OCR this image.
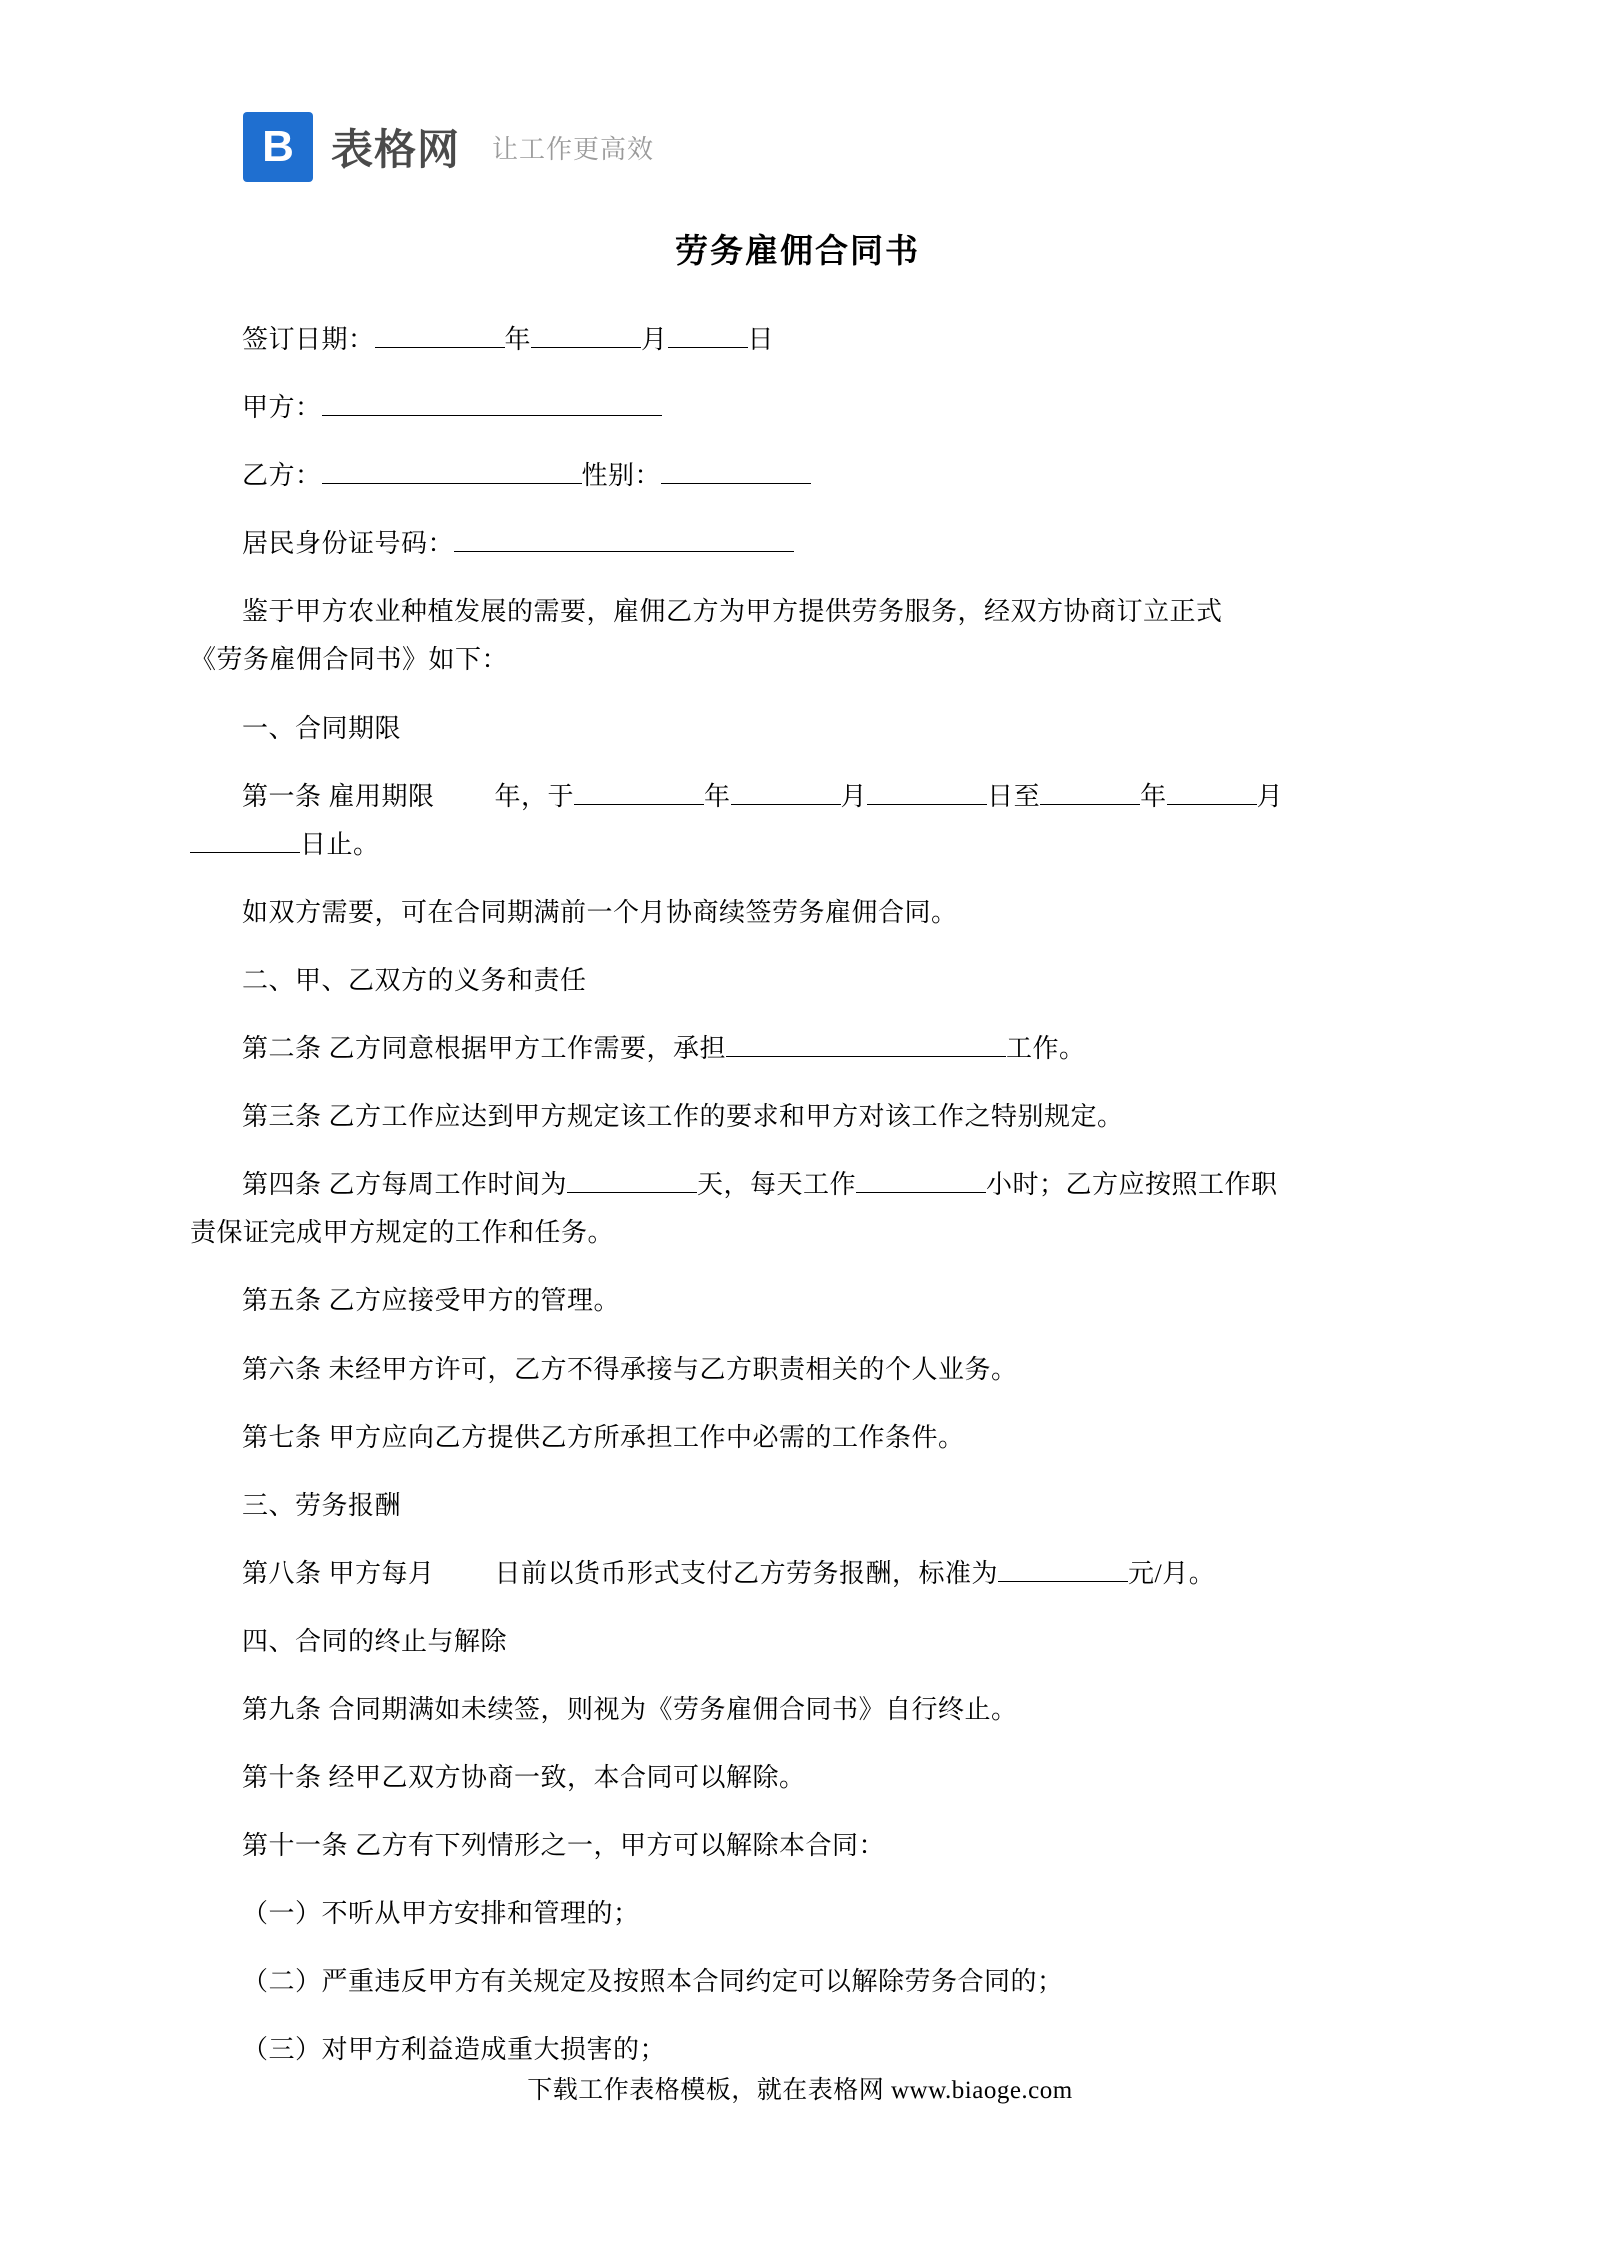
B 表格网 让工作更高效
劳务雇佣合同书

签订日期：	年	月	日

甲方：

乙方：	性别：

居民身份证号码：

鉴于甲方农业种植发展的需要，雇佣乙方为甲方提供劳务服务，经双方协商订立正式
《劳务雇佣合同书》如下：

一、合同期限

第一条 雇用期限 年，于	年	月	日至	年	月
日止。

如双方需要，可在合同期满前一个月协商续签劳务雇佣合同。

二、甲、乙双方的义务和责任

第二条 乙方同意根据甲方工作需要，承担	工作。

第三条 乙方工作应达到甲方规定该工作的要求和甲方对该工作之特别规定。

第四条 乙方每周工作时间为	天，每天工作	小时；乙方应按照工作职
责保证完成甲方规定的工作和任务。

第五条 乙方应接受甲方的管理。

第六条 未经甲方许可，乙方不得承接与乙方职责相关的个人业务。

第七条 甲方应向乙方提供乙方所承担工作中必需的工作条件。

三、劳务报酬

第八条 甲方每月 日前以货币形式支付乙方劳务报酬，标准为	元/月。

四、合同的终止与解除

第九条 合同期满如未续签，则视为《劳务雇佣合同书》自行终止。

第十条 经甲乙双方协商一致，本合同可以解除。

第十一条 乙方有下列情形之一，甲方可以解除本合同：

（一）不听从甲方安排和管理的；

（二）严重违反甲方有关规定及按照本合同约定可以解除劳务合同的；

（三）对甲方利益造成重大损害的；

下载工作表格模板，就在表格网 www.biaoge.com
